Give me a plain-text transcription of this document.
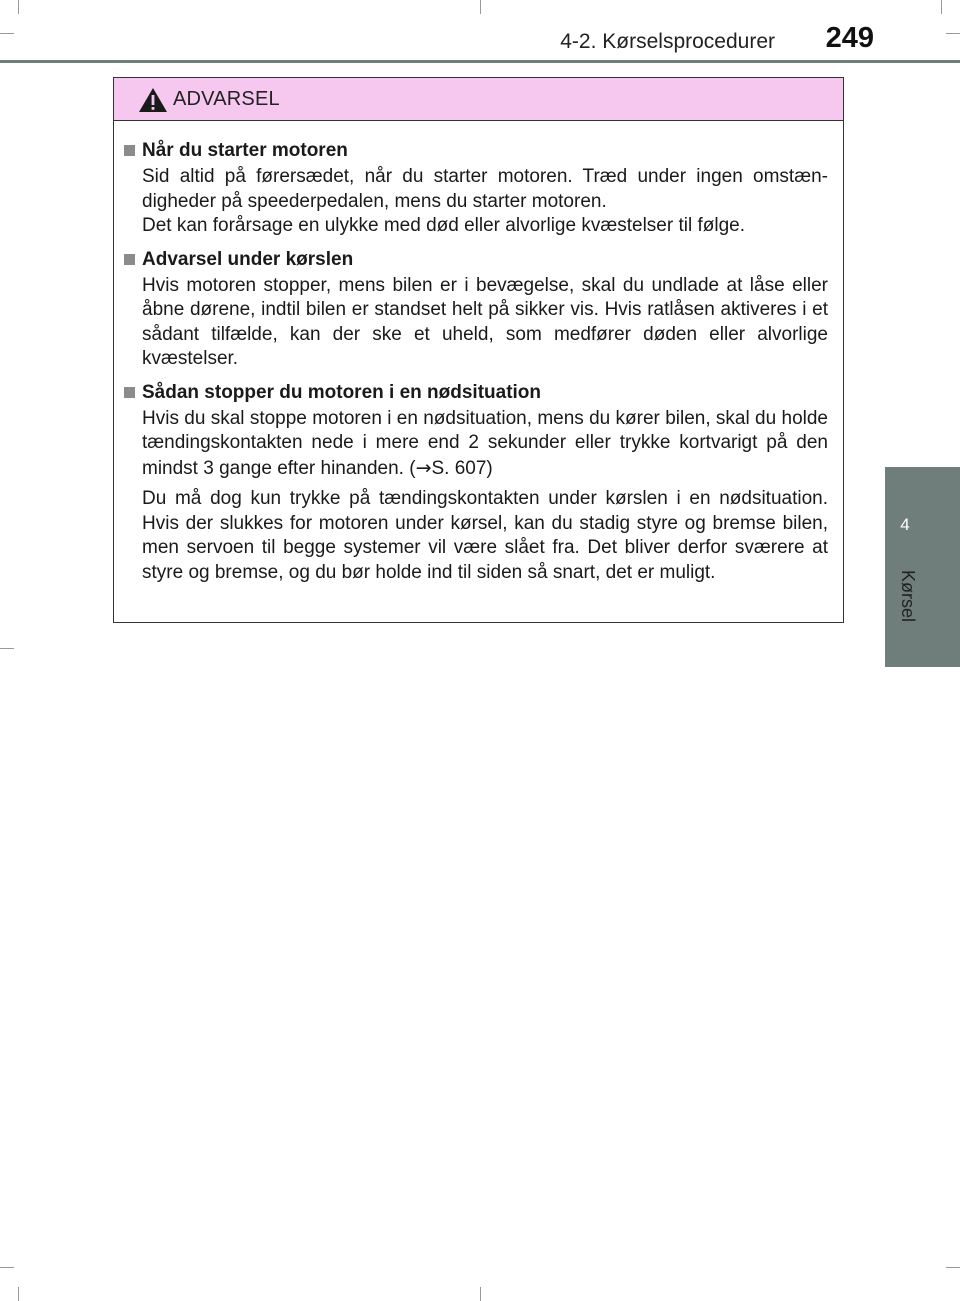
4-2. Kørselsprocedurer 249
4
Kørsel
ADVARSEL
Når du starter motoren

Sid altid på førersædet, når du starter motoren. Træd under ingen omstæn-digheder på speederpedalen, mens du starter motoren.

Det kan forårsage en ulykke med død eller alvorlige kvæstelser til følge.

Advarsel under kørslen

Hvis motoren stopper, mens bilen er i bevægelse, skal du undlade at låse eller åbne dørene, indtil bilen er standset helt på sikker vis. Hvis ratlåsen aktiveres i et sådant tilfælde, kan der ske et uheld, som medfører døden eller alvorlige kvæstelser.

Sådan stopper du motoren i en nødsituation

Hvis du skal stoppe motoren i en nødsituation, mens du kører bilen, skal du holde tændingskontakten nede i mere end 2 sekunder eller trykke kortvarigt på den mindst 3 gange efter hinanden. (→S. 607)

Du må dog kun trykke på tændingskontakten under kørslen i en nødsituation. Hvis der slukkes for motoren under kørsel, kan du stadig styre og bremse bilen, men servoen til begge systemer vil være slået fra. Det bliver derfor sværere at styre og bremse, og du bør holde ind til siden så snart, det er muligt.
